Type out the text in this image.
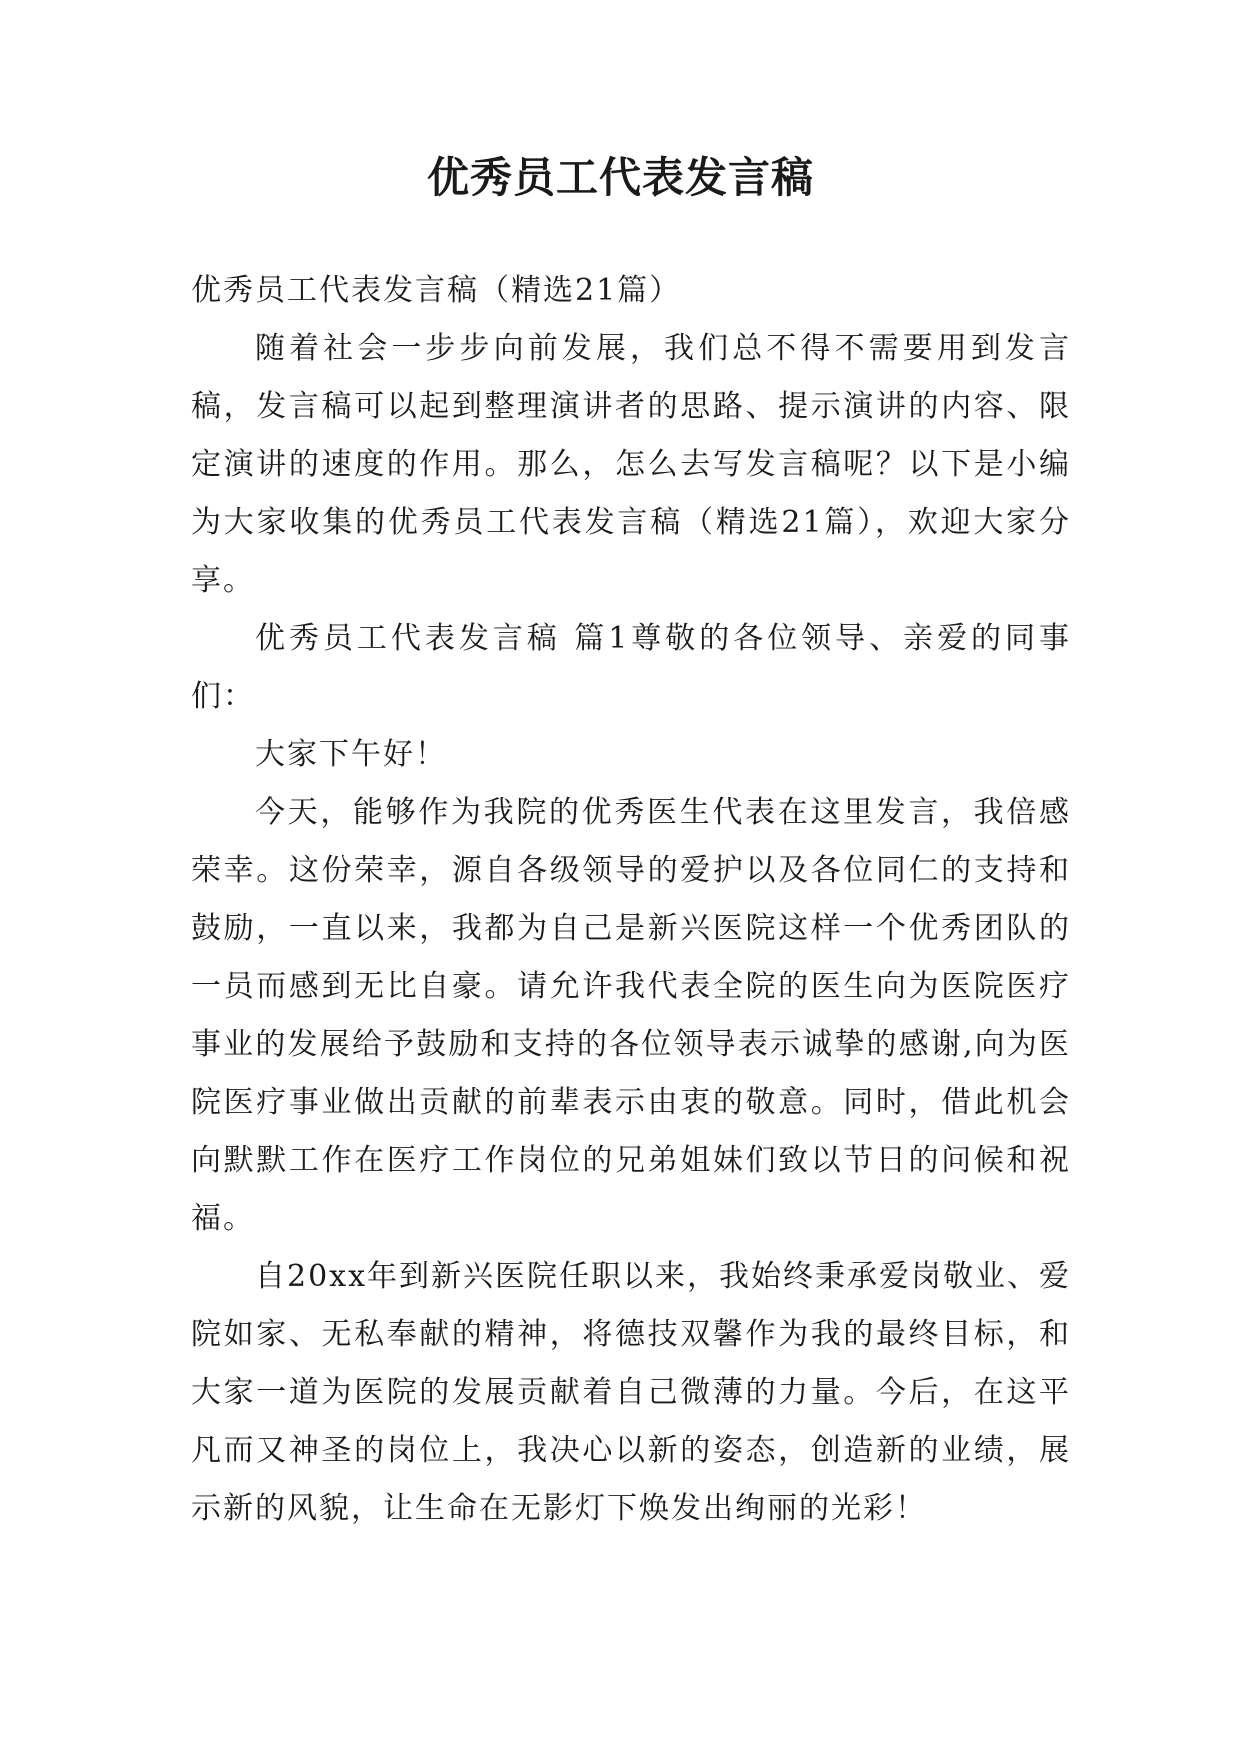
优秀员工代表发言稿

优秀员工代表发言稿（精选21篇）

随着社会一步步向前发展，我们总不得不需要用到发言稿，发言稿可以起到整理演讲者的思路、提示演讲的内容、限定演讲的速度的作用。那么，怎么去写发言稿呢？以下是小编为大家收集的优秀员工代表发言稿（精选21篇），欢迎大家分享。

优秀员工代表发言稿 篇1尊敬的各位领导、亲爱的同事们：

大家下午好！

今天，能够作为我院的优秀医生代表在这里发言，我倍感荣幸。这份荣幸，源自各级领导的爱护以及各位同仁的支持和鼓励，一直以来，我都为自己是新兴医院这样一个优秀团队的一员而感到无比自豪。请允许我代表全院的医生向为医院医疗事业的发展给予鼓励和支持的各位领导表示诚挚的感谢,向为医院医疗事业做出贡献的前辈表示由衷的敬意。同时，借此机会向默默工作在医疗工作岗位的兄弟姐妹们致以节日的问候和祝福。

自20xx年到新兴医院任职以来，我始终秉承爱岗敬业、爱院如家、无私奉献的精神，将德技双馨作为我的最终目标，和大家一道为医院的发展贡献着自己微薄的力量。今后，在这平凡而又神圣的岗位上，我决心以新的姿态，创造新的业绩，展示新的风貌，让生命在无影灯下焕发出绚丽的光彩！
